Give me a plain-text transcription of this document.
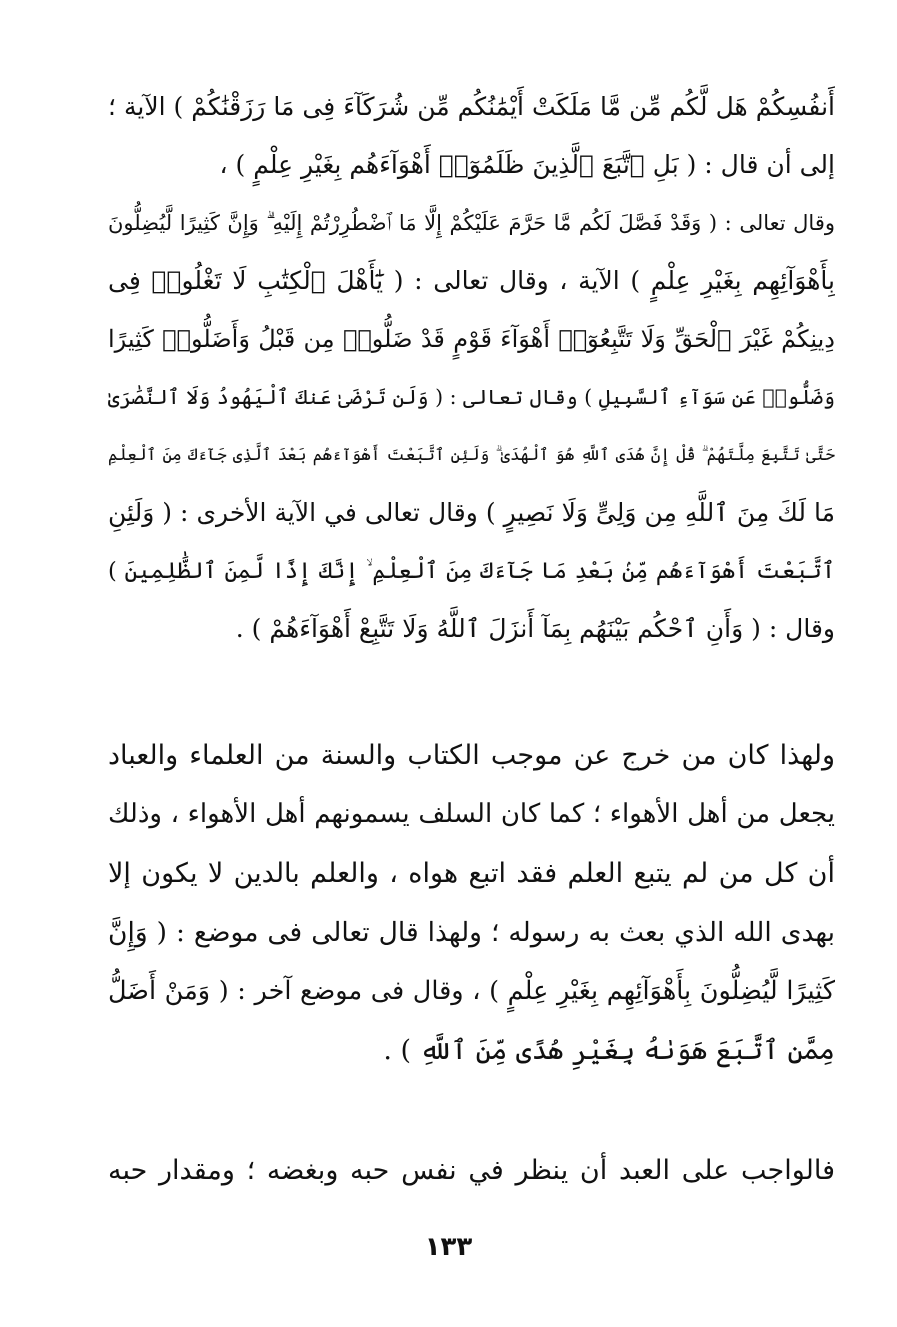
أَنفُسِكُمْ هَل لَّكُم مِّن مَّا مَلَكَتْ أَيْمَٰنُكُم مِّن شُرَكَآءَ فِى مَا رَزَقْنَٰكُمْ ) الآية ؛
إلى أن قال : ( بَلِ ٱتَّبَعَ ٱلَّذِينَ ظَلَمُوٓا۟ أَهْوَآءَهُم بِغَيْرِ عِلْمٍ ) ،
وقال تعالى : ( وَقَدْ فَصَّلَ لَكُم مَّا حَرَّمَ عَلَيْكُمْ إِلَّا مَا ٱضْطُرِرْتُمْ إِلَيْهِ ۗ وَإِنَّ كَثِيرًا لَّيُضِلُّونَ
بِأَهْوَآئِهِم بِغَيْرِ عِلْمٍ ) الآية ، وقال تعالى : ( يَٰٓأَهْلَ ٱلْكِتَٰبِ لَا تَغْلُوا۟ فِى
دِينِكُمْ غَيْرَ ٱلْحَقِّ وَلَا تَتَّبِعُوٓا۟ أَهْوَآءَ قَوْمٍ قَدْ ضَلُّوا۟ مِن قَبْلُ وَأَضَلُّوا۟ كَثِيرًا
وَضَلُّوا۟ عَن سَوَآءِ ٱلسَّبِيلِ ) وقال تعالى : ( وَلَن تَرْضَىٰ عَنكَ ٱلْيَهُودُ وَلَا ٱلنَّصَٰرَىٰ
حَتَّىٰ تَتَّبِعَ مِلَّتَهُمْ ۗ قُلْ إِنَّ هُدَى ٱللَّهِ هُوَ ٱلْهُدَىٰ ۗ وَلَئِنِ ٱتَّبَعْتَ أَهْوَآءَهُم بَعْدَ ٱلَّذِى جَآءَكَ مِنَ ٱلْعِلْمِ
مَا لَكَ مِنَ ٱللَّهِ مِن وَلِىٍّ وَلَا نَصِيرٍ ) وقال تعالى في الآية الأخرى : ( وَلَئِنِ
ٱتَّبَعْتَ أَهْوَآءَهُم مِّنۢ بَعْدِ مَا جَآءَكَ مِنَ ٱلْعِلْمِ ۙ إِنَّكَ إِذًا لَّمِنَ ٱلظَّٰلِمِينَ )
وقال : ( وَأَنِ ٱحْكُم بَيْنَهُم بِمَآ أَنزَلَ ٱللَّهُ وَلَا تَتَّبِعْ أَهْوَآءَهُمْ ) .
ولهذا كان من خرج عن موجب الكتاب والسنة من العلماء والعباد
يجعل من أهل الأهواء ؛ كما كان السلف يسمونهم أهل الأهواء ، وذلك
أن كل من لم يتبع العلم فقد اتبع هواه ، والعلم بالدين لا يكون إلا
بهدى الله الذي بعث به رسوله ؛ ولهذا قال تعالى فى موضع : ( وَإِنَّ
كَثِيرًا لَّيُضِلُّونَ بِأَهْوَآئِهِم بِغَيْرِ عِلْمٍ ) ، وقال فى موضع آخر : ( وَمَنْ أَضَلُّ
مِمَّنِ ٱتَّبَعَ هَوَىٰهُ بِغَيْرِ هُدًى مِّنَ ٱللَّهِ ) .
فالواجب على العبد أن ينظر في نفس حبه وبغضه ؛ ومقدار حبه
١٣٣
